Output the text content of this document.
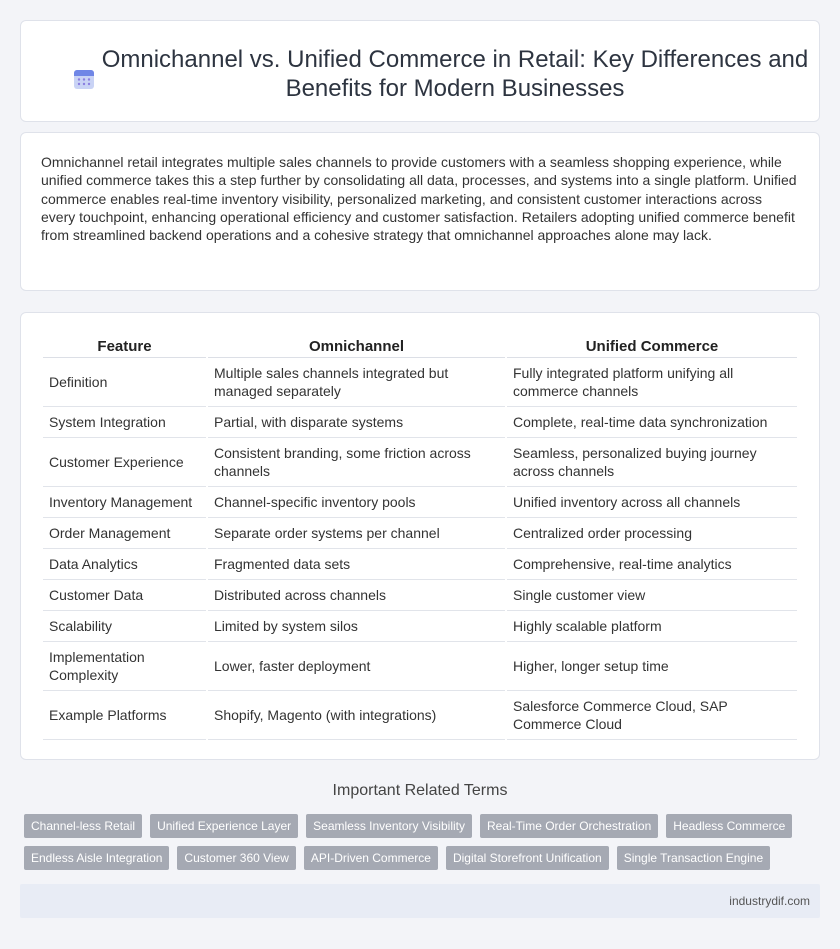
Omnichannel vs. Unified Commerce in Retail: Key Differences and
Benefits for Modern Businesses

Omnichannel retail integrates multiple sales channels to provide customers with a seamless shopping experience, while unified commerce takes this a step further by consolidating all data, processes, and systems into a single platform. Unified commerce enables real-time inventory visibility, personalized marketing, and consistent customer interactions across every touchpoint, enhancing operational efficiency and customer satisfaction. Retailers adopting unified commerce benefit from streamlined backend operations and a cohesive strategy that omnichannel approaches alone may lack.

Feature	Omnichannel	Unified Commerce
Definition	Multiple sales channels integrated but managed separately	Fully integrated platform unifying all commerce channels
System Integration	Partial, with disparate systems	Complete, real-time data synchronization
Customer Experience	Consistent branding, some friction across channels	Seamless, personalized buying journey across channels
Inventory Management	Channel-specific inventory pools	Unified inventory across all channels
Order Management	Separate order systems per channel	Centralized order processing
Data Analytics	Fragmented data sets	Comprehensive, real-time analytics
Customer Data	Distributed across channels	Single customer view
Scalability	Limited by system silos	Highly scalable platform
Implementation Complexity	Lower, faster deployment	Higher, longer setup time
Example Platforms	Shopify, Magento (with integrations)	Salesforce Commerce Cloud, SAP Commerce Cloud
Important Related Terms
Channel-less Retail	Unified Experience Layer	Seamless Inventory Visibility	Real-Time Order Orchestration	Headless Commerce
Endless Aisle Integration	Customer 360 View	API-Driven Commerce	Digital Storefront Unification	Single Transaction Engine
industrydif.com
